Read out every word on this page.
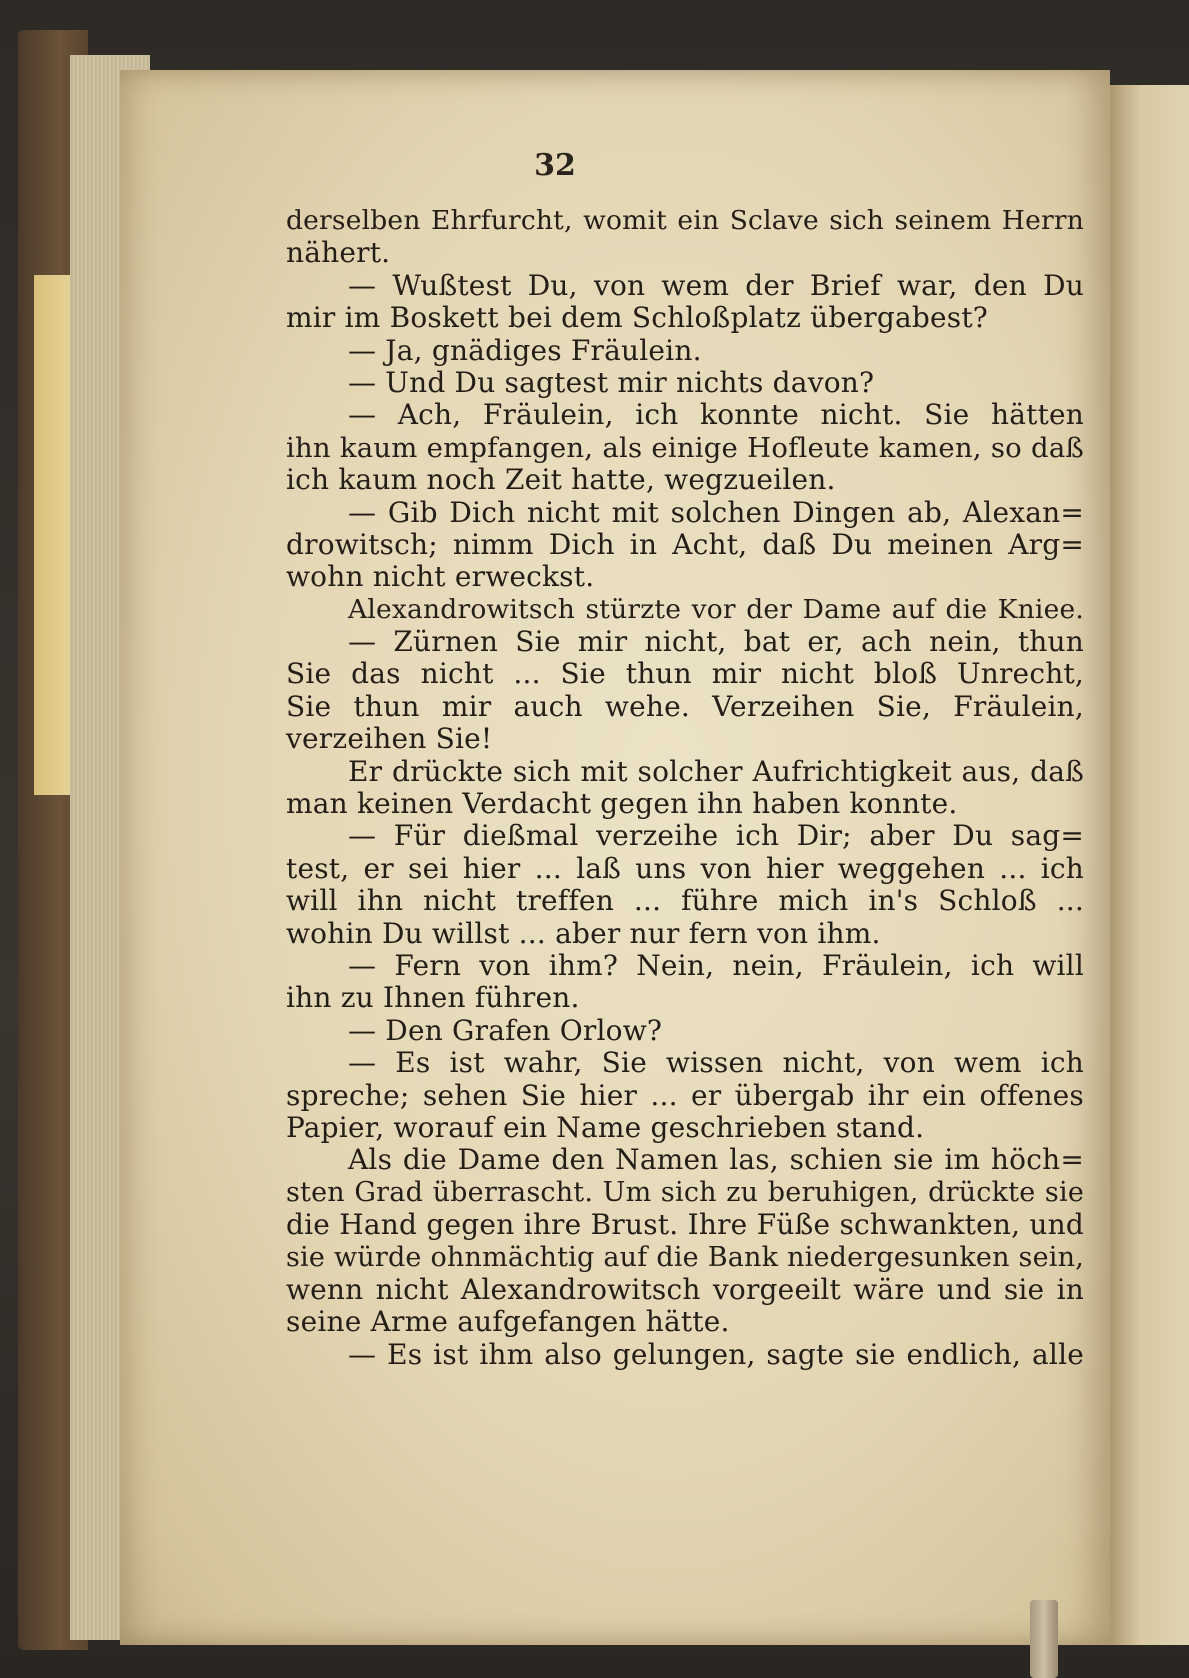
32
derselben Ehrfurcht, womit ein Sclave sich seinem Herrn
nähert.
— Wußtest Du, von wem der Brief war, den Du
mir im Boskett bei dem Schloßplatz übergabest?
— Ja, gnädiges Fräulein.
— Und Du sagtest mir nichts davon?
— Ach, Fräulein, ich konnte nicht. Sie hätten
ihn kaum empfangen, als einige Hofleute kamen, so daß
ich kaum noch Zeit hatte, wegzueilen.
— Gib Dich nicht mit solchen Dingen ab, Alexan=
drowitsch; nimm Dich in Acht, daß Du meinen Arg=
wohn nicht erweckst.
Alexandrowitsch stürzte vor der Dame auf die Kniee.
— Zürnen Sie mir nicht, bat er, ach nein, thun
Sie das nicht ... Sie thun mir nicht bloß Unrecht,
Sie thun mir auch wehe. Verzeihen Sie, Fräulein,
verzeihen Sie!
Er drückte sich mit solcher Aufrichtigkeit aus, daß
man keinen Verdacht gegen ihn haben konnte.
— Für dießmal verzeihe ich Dir; aber Du sag=
test, er sei hier ... laß uns von hier weggehen ... ich
will ihn nicht treffen ... führe mich in's Schloß ...
wohin Du willst ... aber nur fern von ihm.
— Fern von ihm? Nein, nein, Fräulein, ich will
ihn zu Ihnen führen.
— Den Grafen Orlow?
— Es ist wahr, Sie wissen nicht, von wem ich
spreche; sehen Sie hier ... er übergab ihr ein offenes
Papier, worauf ein Name geschrieben stand.
Als die Dame den Namen las, schien sie im höch=
sten Grad überrascht. Um sich zu beruhigen, drückte sie
die Hand gegen ihre Brust. Ihre Füße schwankten, und
sie würde ohnmächtig auf die Bank niedergesunken sein,
wenn nicht Alexandrowitsch vorgeeilt wäre und sie in
seine Arme aufgefangen hätte.
— Es ist ihm also gelungen, sagte sie endlich, alle
